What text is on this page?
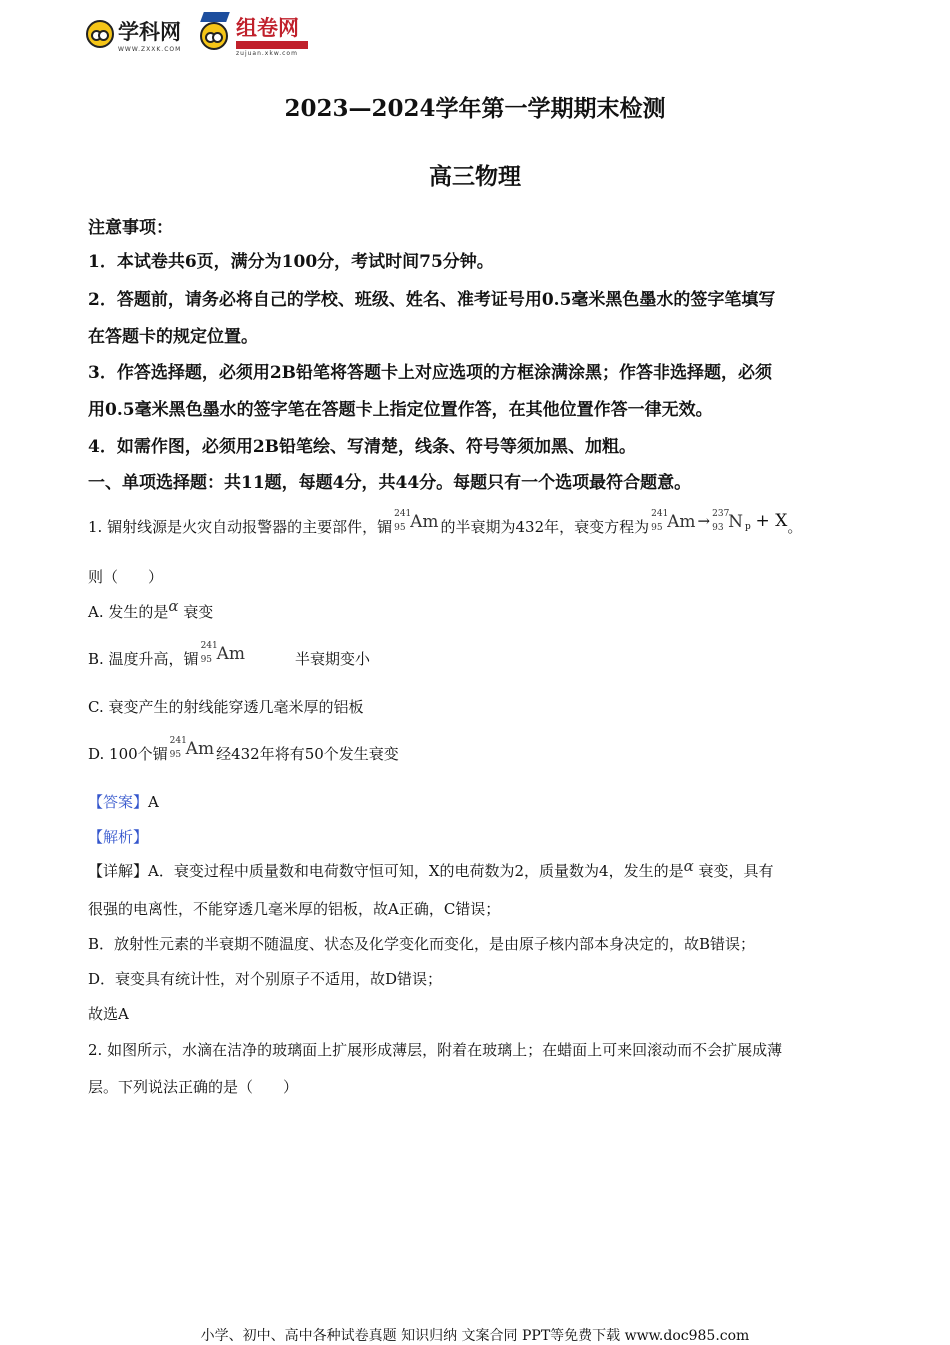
学科网
WWW.ZXXK.COM
组卷网
zujuan.xkw.com
2023—2024学年第一学期期末检测
高三物理
注意事项：
1．本试卷共6页，满分为100分，考试时间75分钟。
2．答题前，请务必将自己的学校、班级、姓名、准考证号用0.5毫米黑色墨水的签字笔填写
在答题卡的规定位置。
3．作答选择题，必须用2B铅笔将答题卡上对应选项的方框涂满涂黑；作答非选择题，必须
用0.5毫米黑色墨水的签字笔在答题卡上指定位置作答，在其他位置作答一律无效。
4．如需作图，必须用2B铅笔绘、写清楚，线条、符号等须加黑、加粗。
一、单项选择题：共11题，每题4分，共44分。每题只有一个选项最符合题意。
1. 镅射线源是火灾自动报警器的主要部件，镅
241
95 Am 的半衰期为432年，衰变方程为
241
95 Am → 237
93 N $^p$ + X。
则（　　）
A. 发生的是α 衰变
B. 温度升高，镅
241
95 Am	半衰期变小
C. 衰变产生的射线能穿透几毫米厚的铝板
D. 100个镅
241
95 Am 经432年将有50个发生衰变
【答案】A
【解析】
【详解】A．衰变过程中质量数和电荷数守恒可知，X的电荷数为2，质量数为4，发生的是α 衰变，具有
很强的电离性，不能穿透几毫米厚的铝板，故A正确，C错误；
B．放射性元素的半衰期不随温度、状态及化学变化而变化，是由原子核内部本身决定的，故B错误；
D．衰变具有统计性，对个别原子不适用，故D错误；
故选A
2. 如图所示，水滴在洁净的玻璃面上扩展形成薄层，附着在玻璃上；在蜡面上可来回滚动而不会扩展成薄
层。下列说法正确的是（　　）
小学、初中、高中各种试卷真题 知识归纳 文案合同 PPT等免费下载 www.doc985.com
